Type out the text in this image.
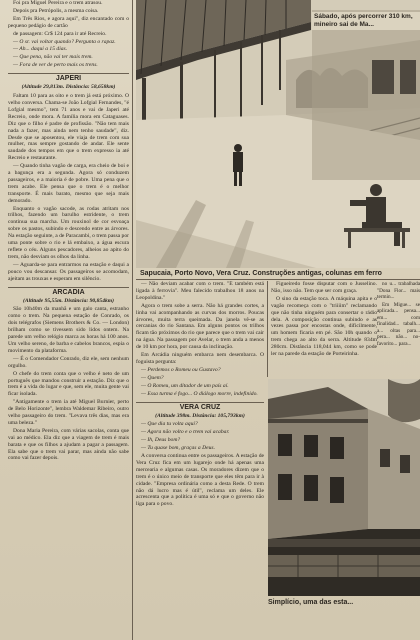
Foi pra Miguel Pereira e o trem atrasou.

Depois pra Petrópolis, a mesma coisa.

Em Três Rios, e agora aqui", diz encantado com o pequeno pedágio de cartão

de passagem: Cr$ 124 para ir até Recreio.

— O sr. vai voltar quando? Pergunta o rapaz.

— Ah... daqui a 15 dias.

— Que pena, não vai ter mais trem.

— Fora de ver de perto mais os trens.

JAPERI
(Altitude 29,813m. Distância: 58,658km)

Faltam 10 para as oito e o trem já está próximo. O velho conversa. Chama-se João Lofgial Fernandes, "é Lofgial mesmo", tem 71 anos e vai de Japeri até Recreio, onde mora. A família mora em Cataguases. Diz que o filho é padre de profissão. "Não tem mais nada a fazer, mas ainda nem tenho saudade", diz. Desde que se aposentou, ele viaja de trem com sua mulher, mas sempre gostando de andar. Ele sente saudade dos tempos em que o trem expresso ia até Recreio e restaurante.

— Quando tinha vagão de carga, era cheio de boi e a bagunça era a segunda. Agora só conduzem passageiros, e a maioria é de pobre. Uma pena que o trem acabe. Ele pensa que o trem é o melhor transporte. É mais barato, mesmo que seja mais demorado.

Enquanto o vagão sacode, as rodas atritam nos trilhos, fazendo um barulho estridente, o trem continua sua marcha. Um rouxinol de cor esvoaça sobre os pastos, subindo e descendo entre as árvores. Na estação seguinte, a de Paracambi, o trem passa por uma ponte sobre o rio e lá embaixo, a água escura reflete o céu. Alguns pescadores, alheios ao apito do trem, não desviam os olhos da linha.

— Aguarda-se para entrarmos na estação e daqui a pouco vou descansar. Os passageiros se acomodam, ajeitam as trouxas e esperam em silêncio.

ARCADIA
(Altitude 95,55m. Distância: 90,854km)

São 10h40m da manhã e um galo canta, estranho como o trem. Na pequena estação de Conrado, os dois telégrafos (Siemens Brothers & Co. — London) brilham como se tivessem sido lidos ontem. Na parede um velho relógio marca as horas há 100 anos. Um velho sereno, de barba e cabelos brancos, espia o movimento da plataforma.

— É o Comendador Conrado, diz ele, sem nenhum orgulho.

O chefe do trem conta que o velho é neto de um português que mandou construir a estação. Diz que o trem é a vida do lugar e que, sem ele, muita gente vai ficar isolada.

"Antigamente o trem ia até Miguel Burnier, perto de Belo Horizonte", lembra Waldemar Ribeiro, outro velho passageiro do trem. "Levava três dias, mas era uma beleza."

Dona Maria Pereira, com várias sacolas, conta que vai ao médico. Ela diz que a viagem de trem é mais barata e que os filhos a ajudam a pagar a passagem. Ela sabe que o trem vai parar, mas ainda não sabe como vai fazer depois.

Sábado, após percorrer 310 km, mineiro sai de Ma...
Sapucaia, Porto Novo, Vera Cruz. Construções antigas, colunas em ferro

— Não deviam acabar com o trem. "É também está ligada à ferrovia". Meu falecido trabalhou 18 anos na Leopoldina."

Agora o trem sobe a serra. Não há grandes cortes, a linha vai acompanhando as curvas dos morros. Poucas árvores, muita terra queimada. Da janela vê-se as cercanias do rio Santana. Em alguns pontos os trilhos ficam tão próximos do rio que parece que o trem vai cair na água. Na passagem por Avelar, o trem anda a menos de 10 km por hora, por causa da inclinação.

Em Arcádia ninguém embarca nem desembarca. O foguista pergunta:

— Perdemos o Romeu ou Gustavo?

— Quem?

— O Romeu, um ditador de um país aí.

— Essa turma é fogo... O diálogo morre, indefinido.

VERA CRUZ
(Altitude 398m. Distância: 105,793km)

— Que dia tu volta aqui?

— Agora não volto e o trem vai acabar.

— Ih, Deus bom?

— Tu quase bom, graças a Deus.

A conversa continua entre os passageiros. A estação de Vera Cruz fica em um lugarejo onde há apenas uma mercearia e algumas casas. Os moradores dizem que o trem é o único meio de transporte que eles têm para ir à cidade. "Empresa ordinária como a desta Rede. O trem não dá lucro mas é útil", reclama um deles. Ele acrescenta que a política é uma só e que o governo não liga para o povo.

Figueiredo fosse disputar com o Jusselino. Não, isso não. Tem que ser com graça.

O sino da estação toca. A máquina apita e o vagão recomeça com o "triiiim" reclamando que não tinha ninguém para consertar o rádio dela. A composição continua subindo e as vezes passa por encostas onde, dificilmente, um homem ficaria em pé. São 10h quando o trem chega ao alto da serra. Altitude 834m 280cm. Distância 118,044 km, como se pode ler na parede da estação de Porteirinha.

no u... trabalhada "Dona Flor... mais termin...

Em Migue... se aplicada... pensa... em... com finalidad... tabalh... a... oltas para... pera... não... no-favorito... para...

Simplício, uma das esta...
